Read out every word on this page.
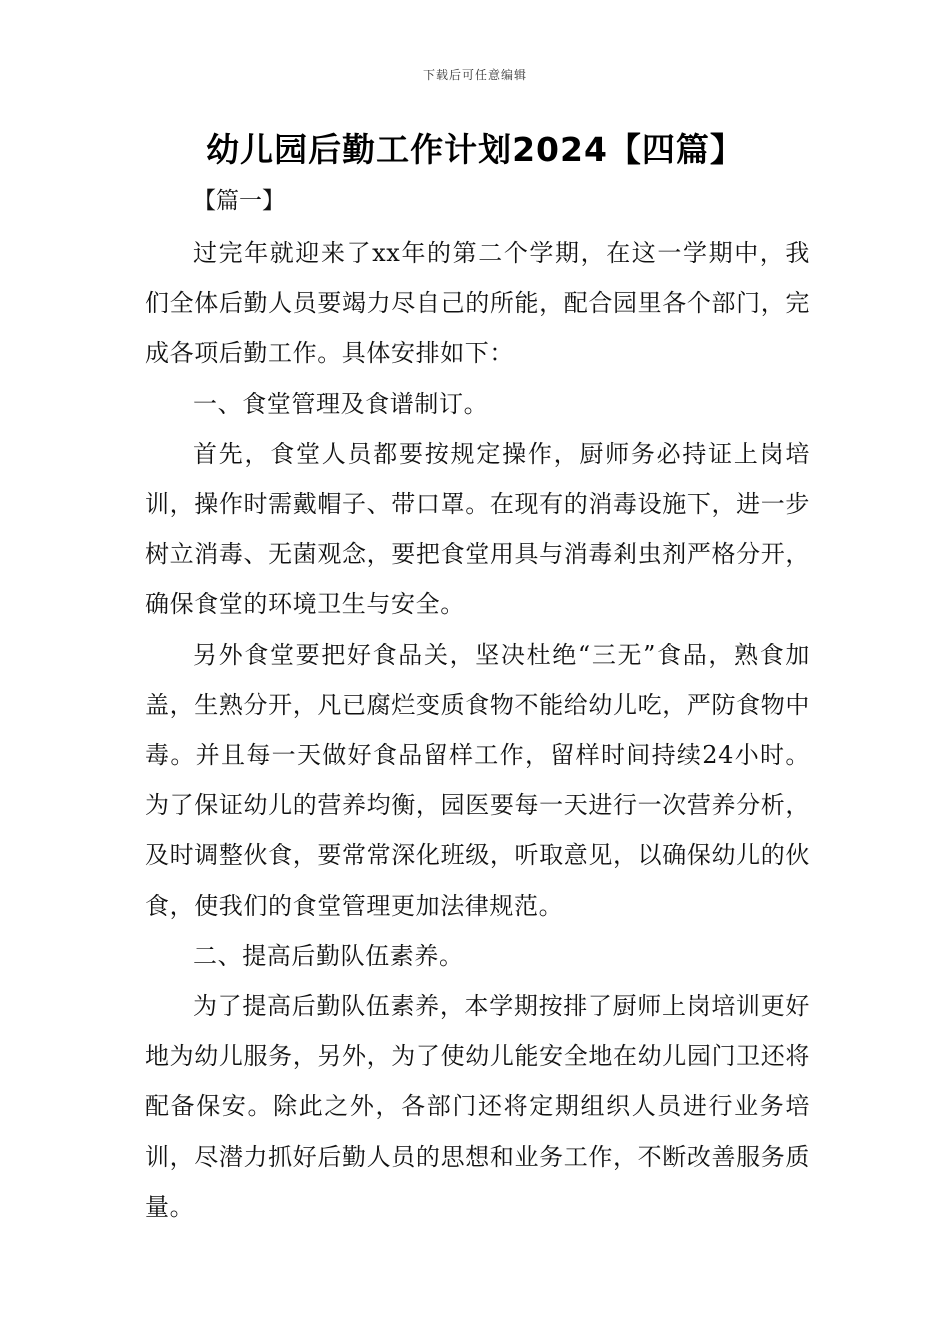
下载后可任意编辑
幼儿园后勤工作计划2024【四篇】
【篇一】

过完年就迎来了xx年的第二个学期，在这一学期中，我们全体后勤人员要竭力尽自己的所能，配合园里各个部门，完成各项后勤工作。具体安排如下：

一、食堂管理及食谱制订。

首先，食堂人员都要按规定操作，厨师务必持证上岗培训，操作时需戴帽子、带口罩。在现有的消毒设施下，进一步树立消毒、无菌观念，要把食堂用具与消毒剎虫剂严格分开，确保食堂的环境卫生与安全。

另外食堂要把好食品关，坚决杜绝“三无”食品，熟食加盖，生熟分开，凡已腐烂变质食物不能给幼儿吃，严防食物中毒。并且每一天做好食品留样工作，留样时间持续24小时。为了保证幼儿的营养均衡，园医要每一天进行一次营养分析，及时调整伙食，要常常深化班级，听取意见，以确保幼儿的伙食，使我们的食堂管理更加法律规范。

二、提高后勤队伍素养。

为了提高后勤队伍素养，本学期按排了厨师上岗培训更好地为幼儿服务，另外，为了使幼儿能安全地在幼儿园门卫还将配备保安。除此之外，各部门还将定期组织人员进行业务培训，尽潜力抓好后勤人员的思想和业务工作，不断改善服务质量。
